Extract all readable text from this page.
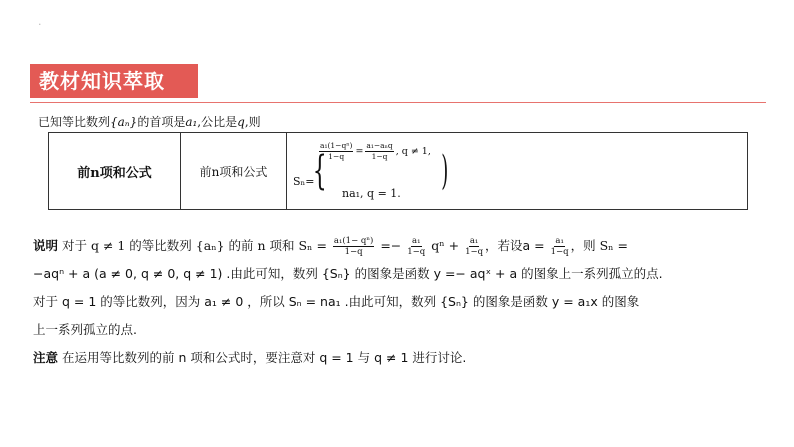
·
教材知识萃取
已知等比数列{aₙ}的首项是a₁,公比是q,则
前n项和公式	前n项和公式	
Sₙ=
{
$\frac{\text{a₁(1−qⁿ)}}{1-q} = \frac{\text{a₁−aₙq}}{1-q}$ , q ≠ 1,
na₁, q = 1. )
说明 对于 q ≠ 1 的等比数列 {aₙ} 的前 n 项和 $S_n = \frac{\text{a₁(1− qⁿ)}}{1-q} =- \frac{\text{a₁}}{1-q}$ $q^n + \frac{\text{a₁}}{1-q}$ ，若设$a = \frac{\text{a₁}}{1-q}$ ，则 Sₙ =
−aqⁿ + a (a ≠ 0, q ≠ 0, q ≠ 1) .由此可知，数列 {Sₙ} 的图象是函数 y =− aqˣ + a 的图象上一系列孤立的点.
对于 q = 1 的等比数列，因为 a₁ ≠ 0 ，所以 Sₙ = na₁ .由此可知，数列 {Sₙ} 的图象是函数 y = a₁x 的图象
上一系列孤立的点.
注意 在运用等比数列的前 n 项和公式时，要注意对 q = 1 与 q ≠ 1 进行讨论.
